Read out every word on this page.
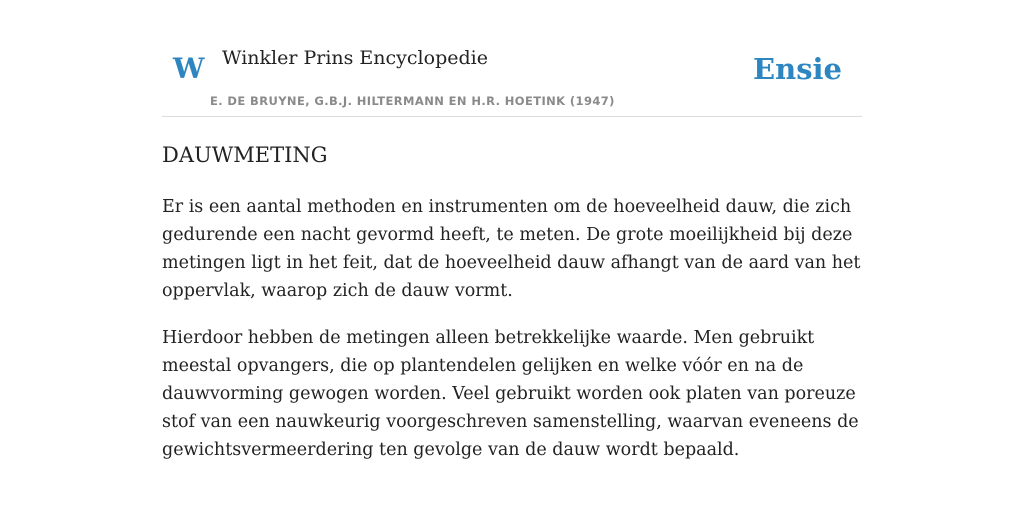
W Winkler Prins Encyclopedie
E. DE BRUYNE, G.B.J. HILTERMANN EN H.R. HOETINK (1947)
Ensie
DAUWMETING

Er is een aantal methoden en instrumenten om de hoeveelheid dauw, die zich gedurende een nacht gevormd heeft, te meten. De grote moeilijkheid bij deze metingen ligt in het feit, dat de hoeveelheid dauw afhangt van de aard van het oppervlak, waarop zich de dauw vormt.

Hierdoor hebben de metingen alleen betrekkelijke waarde. Men gebruikt meestal opvangers, die op plantendelen gelijken en welke vóór en na de dauwvorming gewogen worden. Veel gebruikt worden ook platen van poreuze stof van een nauwkeurig voorgeschreven samenstelling, waarvan eveneens de gewichtsvermeerdering ten gevolge van de dauw wordt bepaald.
